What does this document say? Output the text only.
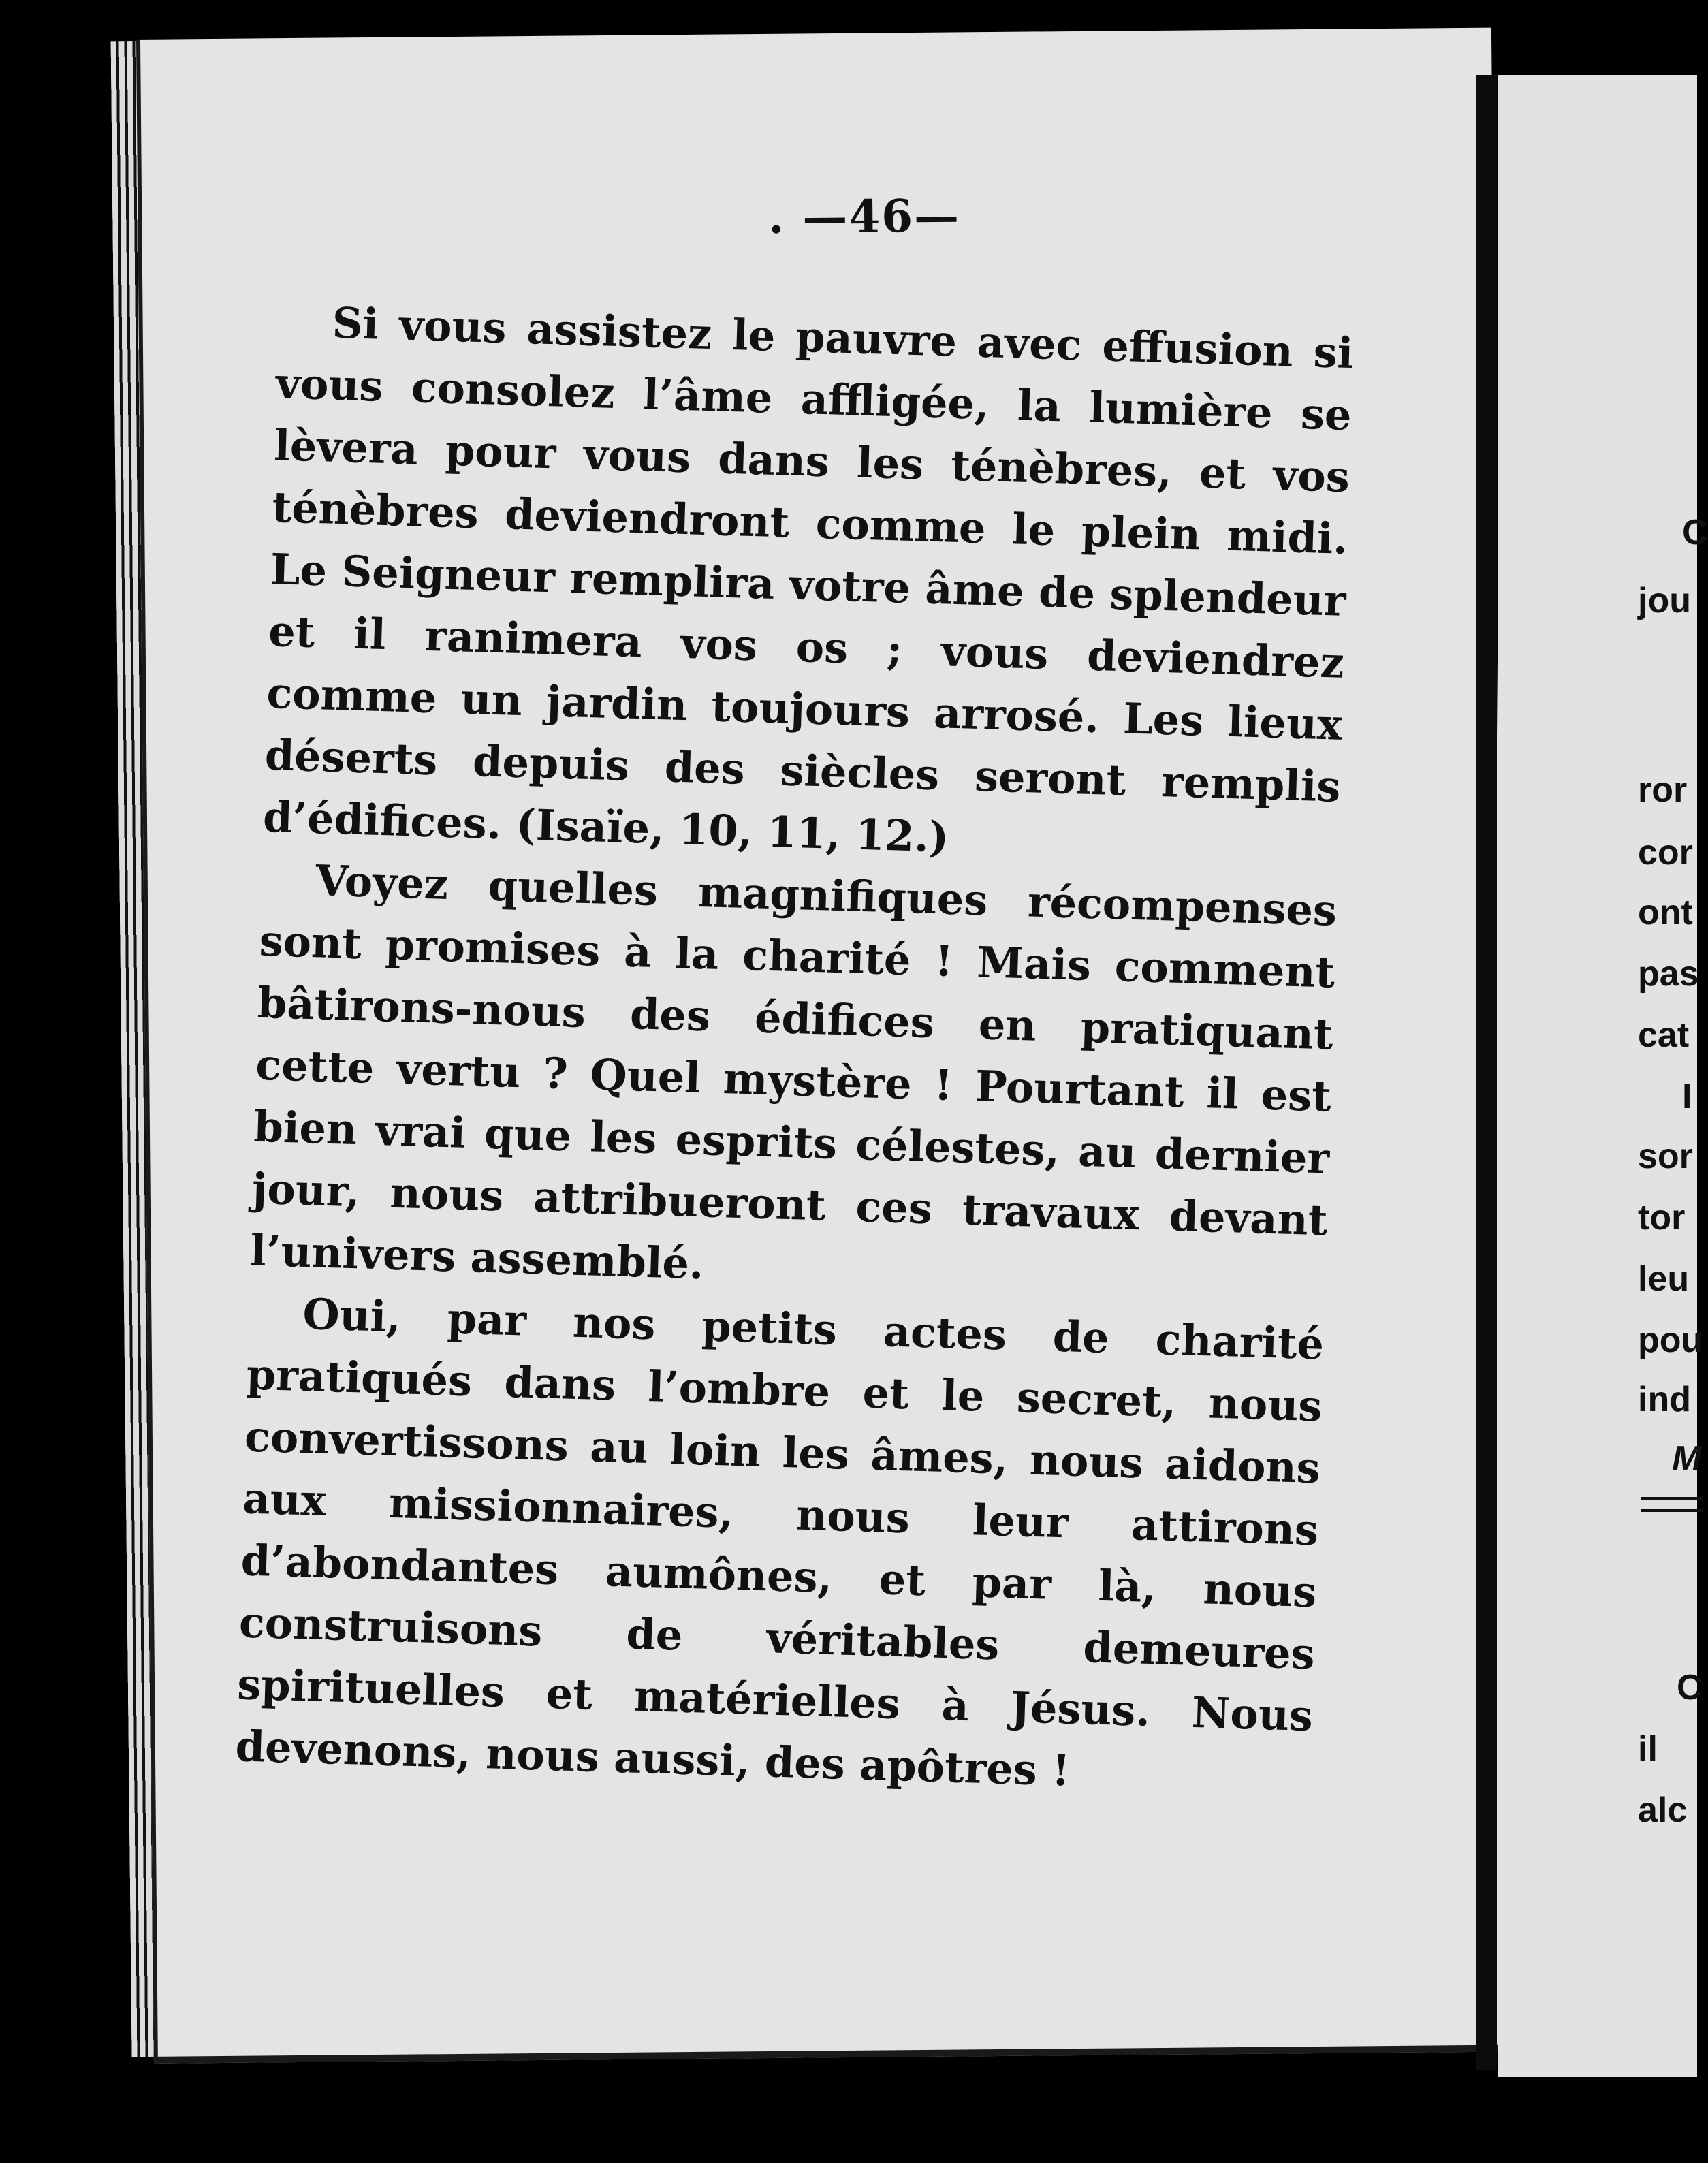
. —46—

Si vous assistez le pauvre avec effusion si vous consolez l’âme affligée, la lumière se lèvera pour vous dans les ténèbres, et vos ténèbres deviendront comme le plein midi. Le Seigneur remplira votre âme de splendeur et il ranimera vos os ; vous deviendrez comme un jardin toujours arrosé. Les lieux déserts depuis des siècles seront remplis d’édifices. (Isaïe, 10, 11, 12.)

Voyez quelles magnifiques récompenses sont promises à la charité ! Mais comment bâtirons-nous des édifices en pratiquant cette vertu ? Quel mystère ! Pourtant il est bien vrai que les esprits célestes, au dernier jour, nous attribueront ces travaux devant l’univers assemblé.

Oui, par nos petits actes de charité pratiqués dans l’ombre et le secret, nous convertissons au loin les âmes, nous aidons aux missionnaires, nous leur attirons d’abondantes aumônes, et par là, nous construisons de véritables demeures spirituelles et matérielles à Jésus. Nous devenons, nous aussi, des apôtres !

C
jou
ror
cor
ont
pas
cat
I
sor
tor
leu
pou
ind
M
C
il
alc
